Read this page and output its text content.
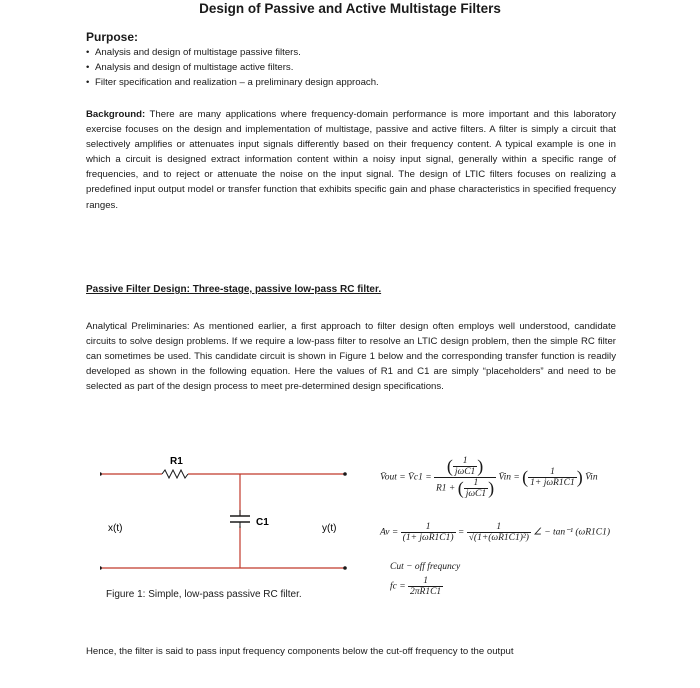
Design of Passive and Active Multistage Filters
Purpose:
• Analysis and design of multistage passive filters.
• Analysis and design of multistage active filters.
• Filter specification and realization – a preliminary design approach.

Background: There are many applications where frequency-domain performance is more important and this laboratory exercise focuses on the design and implementation of multistage, passive and active filters. A filter is simply a circuit that selectively amplifies or attenuates input signals differently based on their frequency content. A typical example is one in which a circuit is designed extract information content within a noisy input signal, generally within a specific range of frequencies, and to reject or attenuate the noise on the input signal. The design of LTIC filters focuses on realizing a predefined input output model or transfer function that exhibits specific gain and phase characteristics in specified frequency ranges.

Passive Filter Design: Three-stage, passive low-pass RC filter.

Analytical Preliminaries: As mentioned earlier, a first approach to filter design often employs well understood, candidate circuits to solve design problems. If we require a low-pass filter to resolve an LTIC design problem, then the simple RC filter can sometimes be used. This candidate circuit is shown in Figure 1 below and the corresponding transfer function is readily developed as shown in the following equation. Here the values of R1 and C1 are simply “placeholders” and need to be selected as part of the design process to meet pre-determined design specifications.

R1
C1
x(t)	y(t)
Figure 1: Simple, low-pass passive RC filter.
V̄out = V̄c1 = $\frac{( \frac{1}{\text{jωC1}} )}{R1 + ( \frac{1}{\text{jωC1}} )}$ V̄in = ( $\frac{1}{\text{1+ jωR1C1}}$ ) V̄in
$Av = \frac{1}{\text{(1+ jωR1C1)}} = \frac{1}{\text{√(1+(ωR1C1)²)}}$ ∠ − tan⁻¹ (ωR1C1)
Cut − off frequncy
fc = $\frac{1}{2\pi R1C1}$
Hence, the filter is said to pass input frequency components below the cut-off frequency to the output
